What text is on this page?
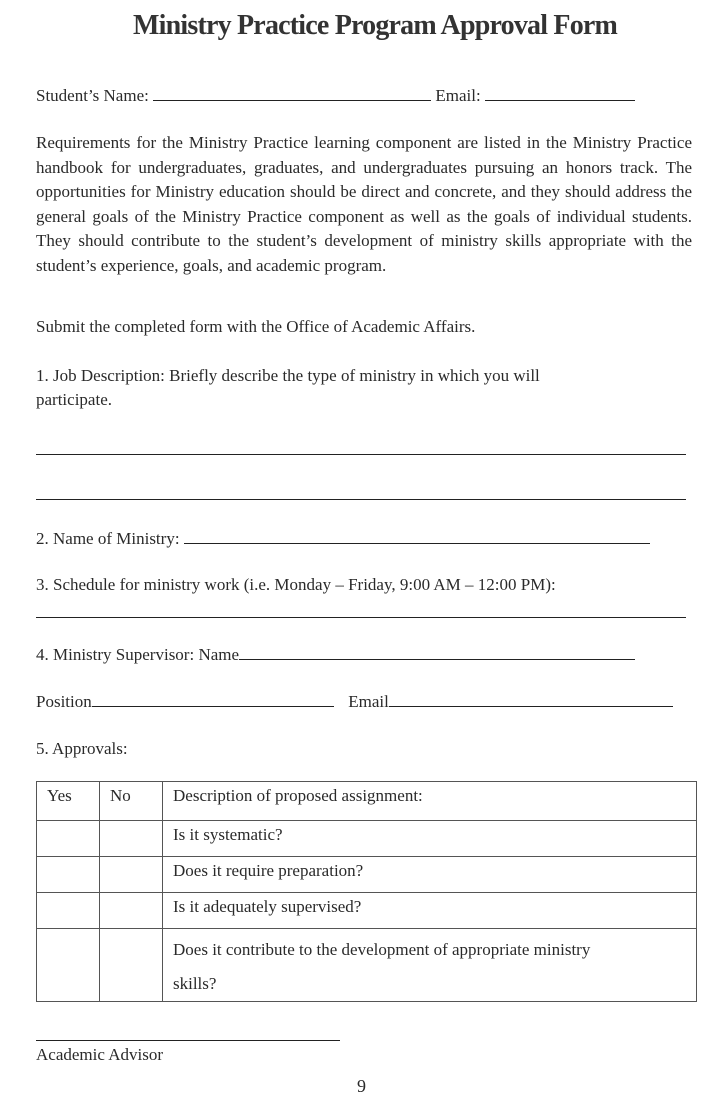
Ministry Practice Program Approval Form
Student’s Name:	Email:
Requirements for the Ministry Practice learning component are listed in the Ministry Practice handbook for undergraduates, graduates, and undergraduates pursuing an honors track. The opportunities for Ministry education should be direct and concrete, and they should address the general goals of the Ministry Practice component as well as the goals of individual students. They should contribute to the student’s development of ministry skills appropriate with the student’s experience, goals, and academic program.
Submit the completed form with the Office of Academic Affairs.
1. Job Description: Briefly describe the type of ministry in which you will
participate.
2. Name of Ministry:
3. Schedule for ministry work (i.e. Monday – Friday, 9:00 AM – 12:00 PM):
4. Ministry Supervisor: Name
Position	Email
5. Approvals:
Yes	No	Description of proposed assignment:
		Is it systematic?
		Does it require preparation?
		Is it adequately supervised?
		Does it contribute to the development of appropriate ministry skills?
Academic Advisor
9
